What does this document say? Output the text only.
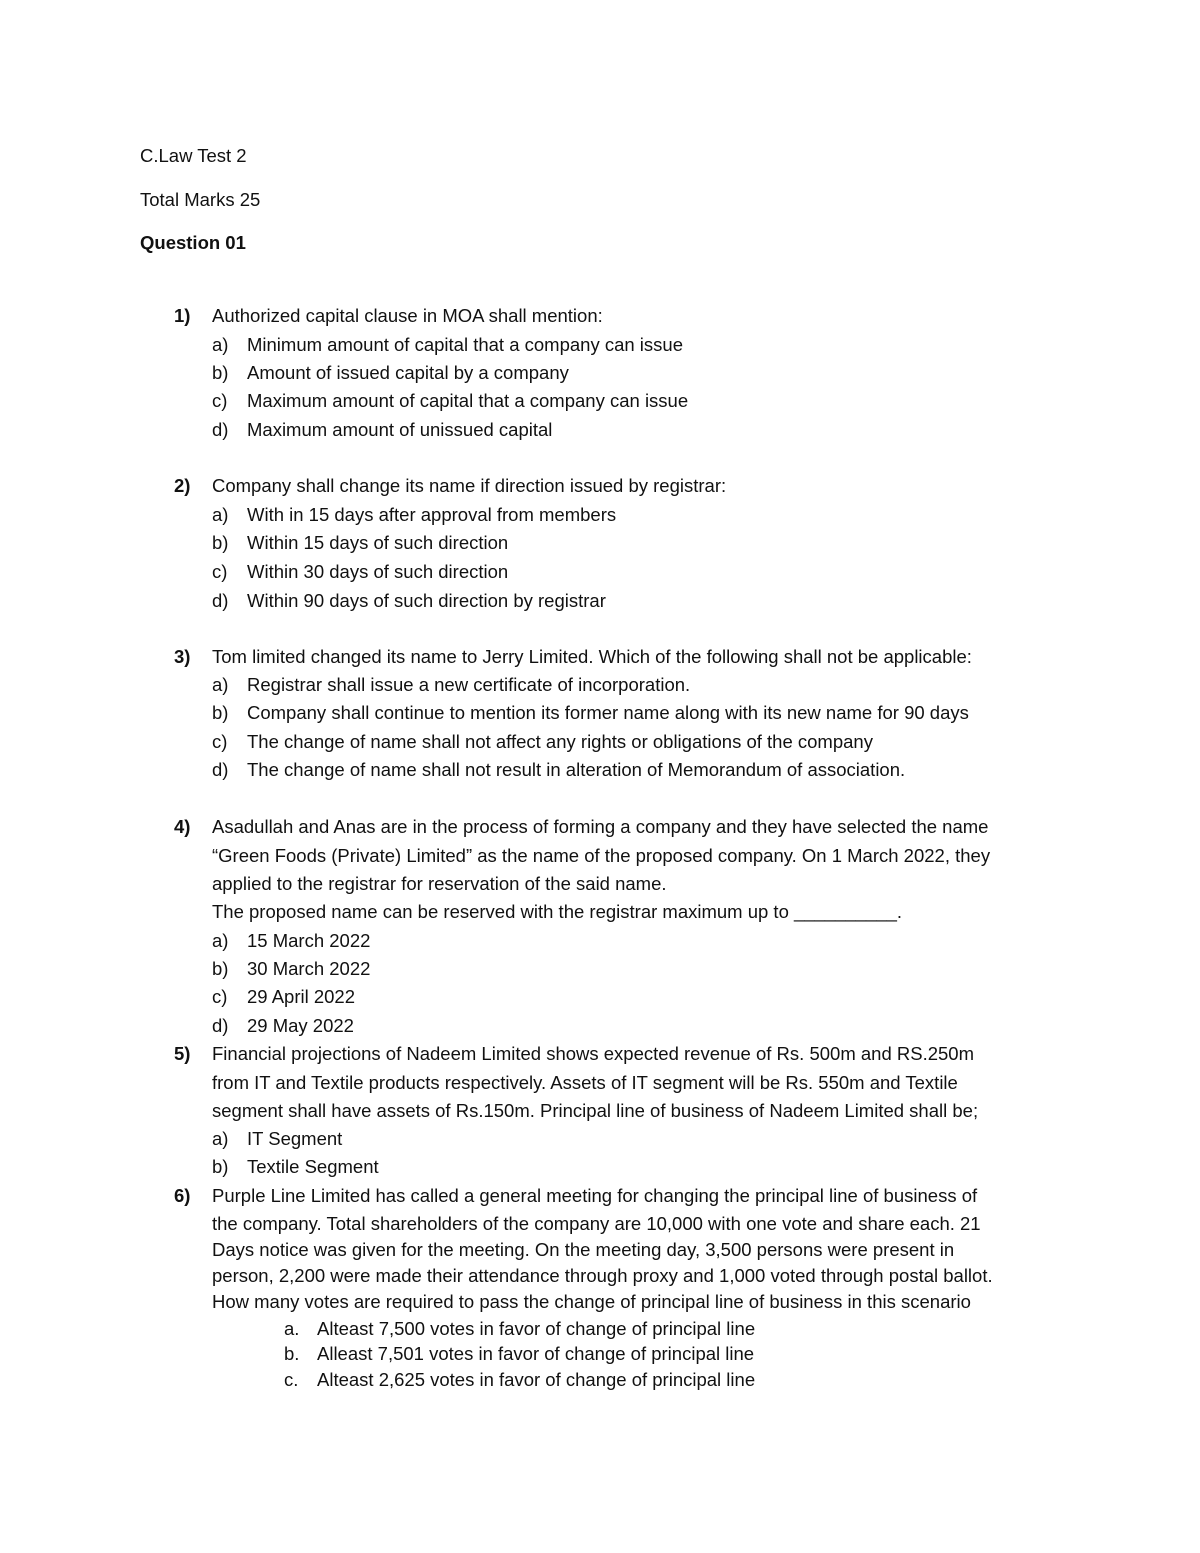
C.Law Test 2
Total Marks 25
Question 01
1) Authorized capital clause in MOA shall mention:
a) Minimum amount of capital that a company can issue
b) Amount of issued capital by a company
c) Maximum amount of capital that a company can issue
d) Maximum amount of unissued capital
2) Company shall change its name if direction issued by registrar:
a) With in 15 days after approval from members
b) Within 15 days of such direction
c) Within 30 days of such direction
d) Within 90 days of such direction by registrar
3) Tom limited changed its name to Jerry Limited. Which of the following shall not be applicable:
a) Registrar shall issue a new certificate of incorporation.
b) Company shall continue to mention its former name along with its new name for 90 days
c) The change of name shall not affect any rights or obligations of the company
d) The change of name shall not result in alteration of Memorandum of association.
4) Asadullah and Anas are in the process of forming a company and they have selected the name
“Green Foods (Private) Limited” as the name of the proposed company. On 1 March 2022, they
applied to the registrar for reservation of the said name.
The proposed name can be reserved with the registrar maximum up to __________.
a) 15 March 2022
b) 30 March 2022
c) 29 April 2022
d) 29 May 2022
5) Financial projections of Nadeem Limited shows expected revenue of Rs. 500m and RS.250m
from IT and Textile products respectively. Assets of IT segment will be Rs. 550m and Textile
segment shall have assets of Rs.150m. Principal line of business of Nadeem Limited shall be;
a) IT Segment
b) Textile Segment
6) Purple Line Limited has called a general meeting for changing the principal line of business of
the company. Total shareholders of the company are 10,000 with one vote and share each. 21
Days notice was given for the meeting. On the meeting day, 3,500 persons were present in
person, 2,200 were made their attendance through proxy and 1,000 voted through postal ballot.
How many votes are required to pass the change of principal line of business in this scenario
a. Alteast 7,500 votes in favor of change of principal line
b. Alleast 7,501 votes in favor of change of principal line
c. Alteast 2,625 votes in favor of change of principal line
